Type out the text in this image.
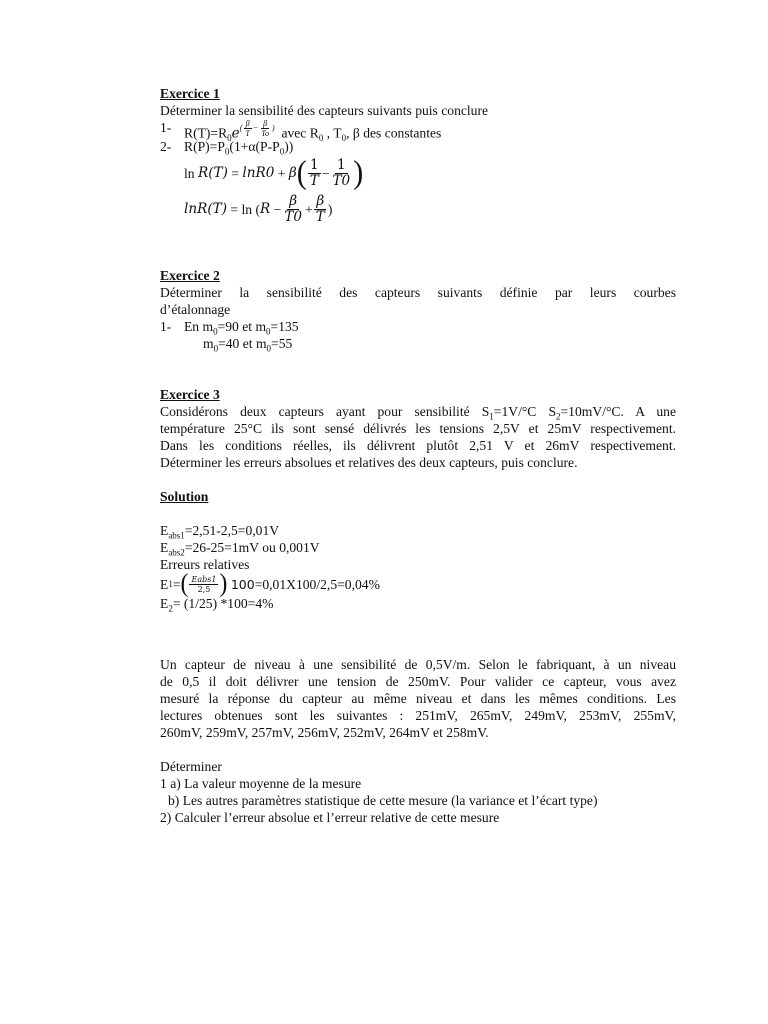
Exercice 1

Déterminer la sensibilité des capteurs suivants puis conclure

1- $R(T)=R_0e( \frac{\beta}{T} - \frac{\beta}{To}$ ) avec $R_0$ , $T_0$, β des constantes
2- $R(P)=P_0(1+\alpha(P-P_0))$
ln
R(T)
=
lnR0
+
β ( $\frac{1}{T} - \frac{1}{T0}$ )
lnR(T)
=
ln
( R
− $\frac{\beta}{T0} + \frac{\beta}{T}$ )

Exercice 2

Déterminer la sensibilité des capteurs suivants définie par leurs courbes

d’étalonnage

1- En $m_0=90$ et $m_0=135$

$m_0=40$ et $m_0=55$

Exercice 3

Considérons deux capteurs ayant pour sensibilité $S_1=1V/^\circ C$ $S_2=10mV/^\circ C$. A une

température 25°C ils sont sensé délivrés les tensions 2,5V et 25mV respectivement.

Dans les conditions réelles, ils délivrent plutôt 2,51 V et 26mV respectivement.

Déterminer les erreurs absolues et relatives des deux capteurs, puis conclure.

Solution

$E_{abs1}=2,51-2,5=0,01V$

$E_{abs2}=26-25=1mV$ ou 0,001V

Erreurs relatives

E 1 = ( $\frac{\text{Eabs1}}{2,5}$ )
100 =0,01X100/2,5=0,04%

$E_2= (1/25)$ *100=4%

Un capteur de niveau à une sensibilité de 0,5V/m. Selon le fabriquant, à un niveau

de 0,5 il doit délivrer une tension de 250mV. Pour valider ce capteur, vous avez

mesuré la réponse du capteur au même niveau et dans les mêmes conditions. Les

lectures obtenues sont les suivantes : 251mV, 265mV, 249mV, 253mV, 255mV,

260mV, 259mV, 257mV, 256mV, 252mV, 264mV et 258mV.

Déterminer

1 a) La valeur moyenne de la mesure

b) Les autres paramètres statistique de cette mesure (la variance et l’écart type)

2) Calculer l’erreur absolue et l’erreur relative de cette mesure
